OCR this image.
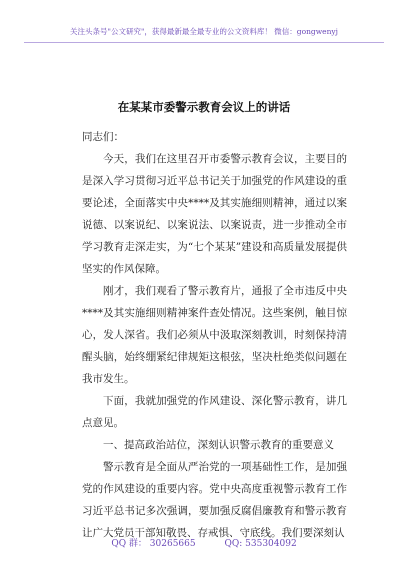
关注头条号"公文研究"，获得最新最全最专业的公文资料库！ 微信：gongwenyj
在某某市委警示教育会议上的讲话

同志们：

今天，我们在这里召开市委警示教育会议，主要目的是深入学习贯彻习近平总书记关于加强党的作风建设的重要论述，全面落实中央****及其实施细则精神，通过以案说德、以案说纪、以案说法、以案说责，进一步推动全市学习教育走深走实，为“七个某某”建设和高质量发展提供坚实的作风保障。

刚才，我们观看了警示教育片，通报了全市违反中央****及其实施细则精神案件查处情况。这些案例，触目惊心，发人深省。我们必须从中汲取深刻教训，时刻保持清醒头脑，始终绷紧纪律规矩这根弦，坚决杜绝类似问题在我市发生。

下面，我就加强党的作风建设、深化警示教育，讲几点意见。

一、提高政治站位，深刻认识警示教育的重要意义

警示教育是全面从严治党的一项基础性工作，是加强党的作风建设的重要内容。党中央高度重视警示教育工作习近平总书记多次强调，要加强反腐倡廉教育和警示教育让广大党员干部知敬畏、存戒惧、守底线。我们要深刻认

QQ 群： 30265665	QQ: 535304092
